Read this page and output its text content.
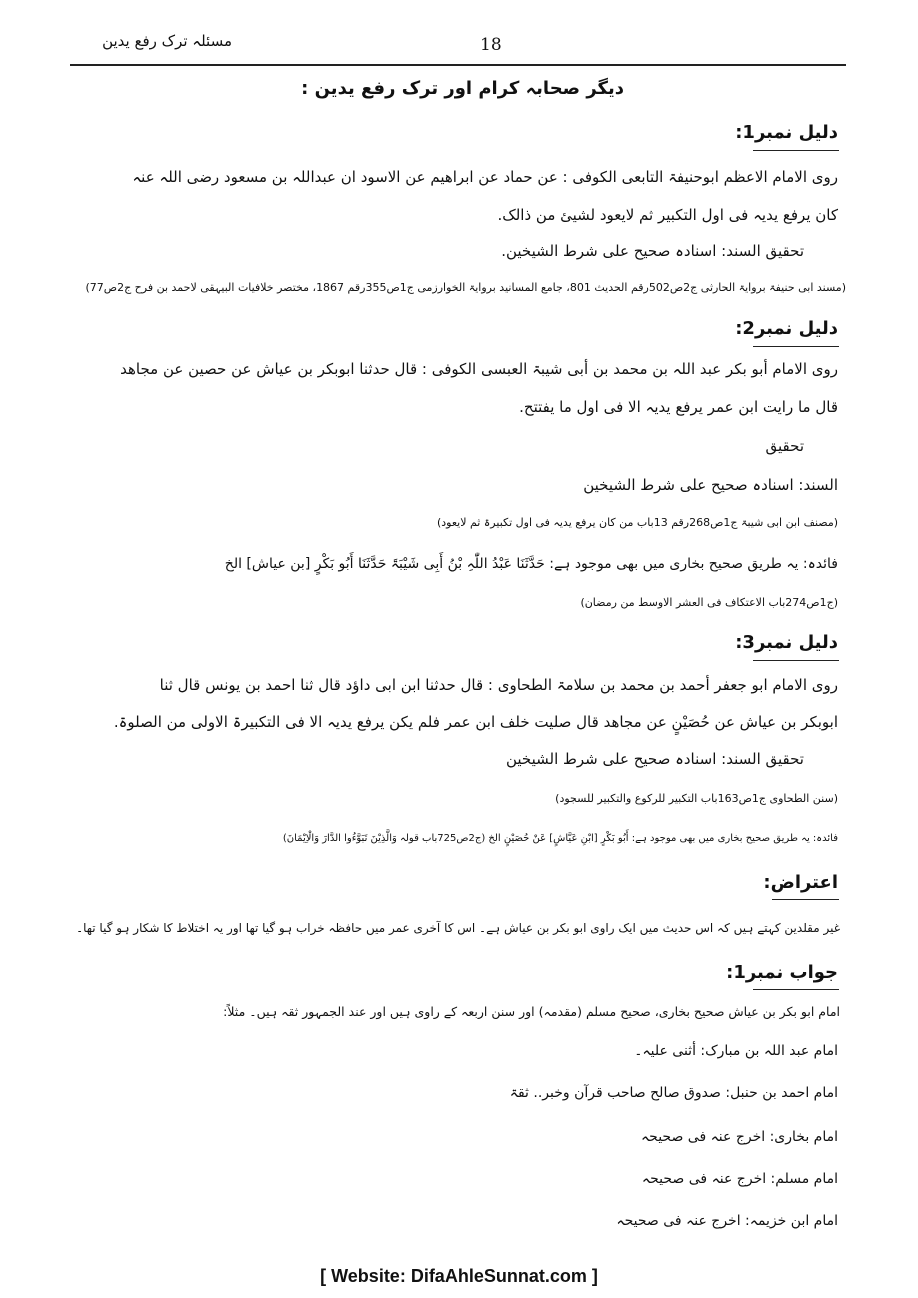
مسئلہ ترک رفع یدین	18
دیگر صحابہ کرام اور ترک رفع یدین :
دلیل نمبر1:
روی الامام الاعظم ابوحنیفۃ التابعی الکوفی : عن حماد عن ابراھیم عن الاسود ان عبداللہ بن مسعود رضی اللہ عنہ
کان یرفع یدیہ فی اول التکبیر ثم لایعود لشیئ من ذالک.
تحقیق السند: اسنادہ صحیح علی شرط الشیخین.
(مسند ابی حنیفۃ بروایۃ الحارثی ج2ص502رقم الحدیث 801، جامع المسانید بروایۃ الخوارزمی ج1ص355رقم 1867، مختصر خلافیات البیہقی لاحمد بن فرح ج2ص77)
دلیل نمبر2:
روی الامام أبو بکر عبد اللہ بن محمد بن أبی شیبۃ العبسی الکوفی : قال حدثنا ابوبکر بن عیاش عن حصین عن مجاھد
قال ما رایت ابن عمر یرفع یدیہ الا فی اول ما یفتتح.
تحقیق
السند: اسنادہ صحیح علی شرط الشیخین
(مصنف ابن ابی شیبۃ ج1ص268رقم 13باب من کان یرفع یدیہ فی اول تکبیرۃ ثم لایعود)
فائدہ: یہ طریق صحیح بخاری میں بھی موجود ہے: حَدَّثَنَا عَبْدُ اللّٰہِ بْنُ أَبِی شَیْبَۃَ حَدَّثَنَا أَبُو بَکْرٍ [بن عیاش] الخ
(ج1ص274باب الاعتکاف فی العشر الاوسط من رمضان)
دلیل نمبر3:
روی الامام ابو جعفر أحمد بن محمد بن سلامۃ الطحاوی : قال حدثنا ابن ابی داؤد قال ثنا احمد بن یونس قال ثنا
ابوبکر بن عیاش عن حُصَیْنٍ عن مجاھد قال صلیت خلف ابن عمر فلم یکن یرفع یدیہ الا فی التکبیرۃ الاولی من الصلوۃ.
تحقیق السند: اسنادہ صحیح علی شرط الشیخین
(سنن الطحاوی ج1ص163باب التکبیر للرکوع والتکبیر للسجود)
فائدہ: یہ طریق صحیح بخاری میں بھی موجود ہے: أَبُو بَکْرٍ [ابْنِ عَیَّاشٍ] عَنْ حُصَیْنٍ الخ (ج2ص725باب قولہ وَالَّذِیْنَ تَبَوَّءُوا الدَّارَ وَالْاِیْمَانَ)
اعتراض:
غیر مقلدین کہتے ہیں کہ اس حدیث میں ایک راوی ابو بکر بن عیاش ہے۔ اس کا آخری عمر میں حافظہ خراب ہو گیا تھا اور یہ اختلاط کا شکار ہو گیا تھا۔
جواب نمبر1:
امام ابو بکر بن عیاش صحیح بخاری، صحیح مسلم (مقدمہ) اور سنن اربعہ کے راوی ہیں اور عند الجمہور ثقہ ہیں۔ مثلاً:
امام عبد اللہ بن مبارک: أثنی علیہ۔
امام احمد بن حنبل: صدوق صالح صاحب قرآن وخبر.. ثقۃ
امام بخاری: اخرج عنہ فی صحیحہ
امام مسلم: اخرج عنہ فی صحیحہ
امام ابن خزیمہ: اخرج عنہ فی صحیحہ
[ Website: DifaAhleSunnat.com ]
